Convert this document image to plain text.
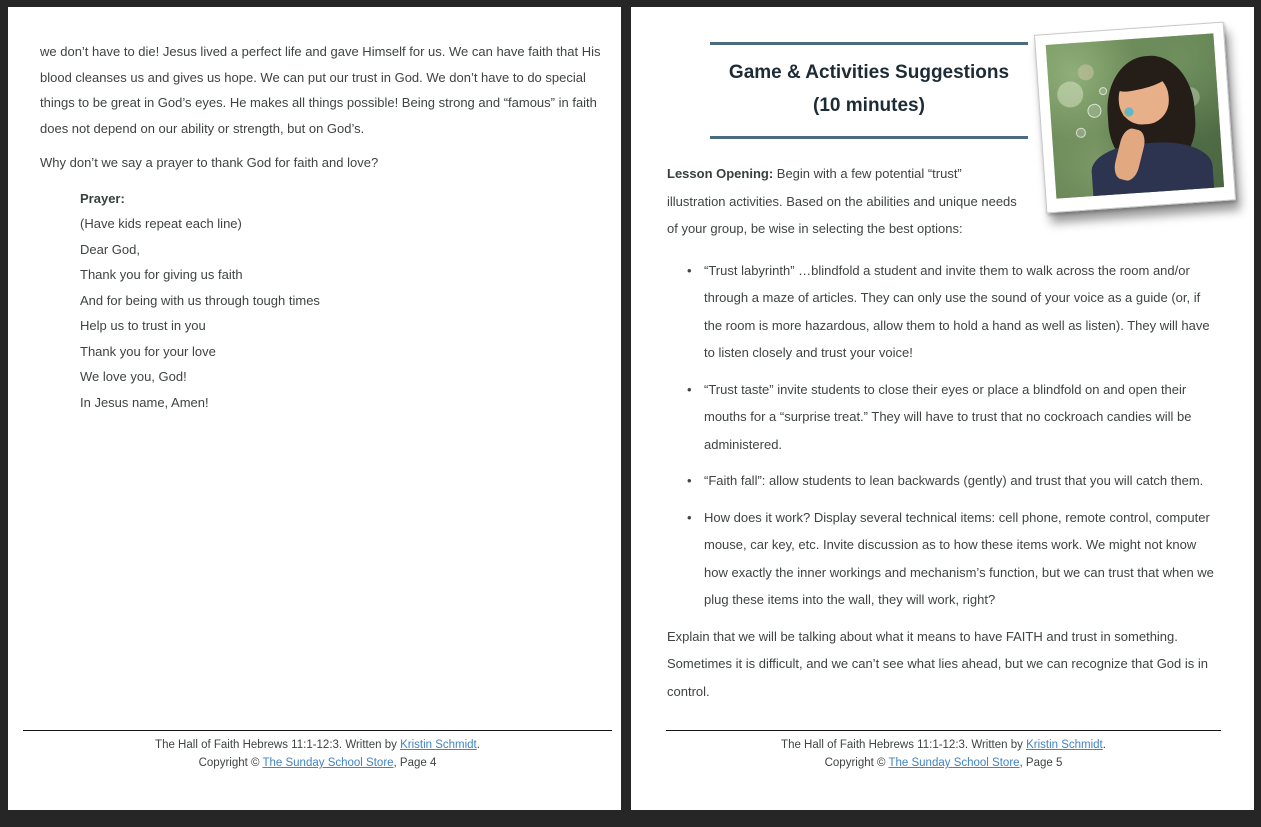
we don’t have to die! Jesus lived a perfect life and gave Himself for us. We can have faith that His blood cleanses us and gives us hope. We can put our trust in God. We don’t have to do special things to be great in God’s eyes. He makes all things possible! Being strong and “famous” in faith does not depend on our ability or strength, but on God’s.

Why don’t we say a prayer to thank God for faith and love?

Prayer:
(Have kids repeat each line)
Dear God,
Thank you for giving us faith
And for being with us through tough times
Help us to trust in you
Thank you for your love
We love you, God!
In Jesus name, Amen!
The Hall of Faith Hebrews 11:1-12:3. Written by Kristin Schmidt.
Copyright © The Sunday School Store, Page 4
Game & Activities Suggestions
(10 minutes)

Lesson Opening: Begin with a few potential “trust” illustration activities. Based on the abilities and unique needs of your group, be wise in selecting the best options:

• “Trust labyrinth” …blindfold a student and invite them to walk across the room and/or through a maze of articles. They can only use the sound of your voice as a guide (or, if the room is more hazardous, allow them to hold a hand as well as listen). They will have to listen closely and trust your voice!
• “Trust taste” invite students to close their eyes or place a blindfold on and open their mouths for a “surprise treat.” They will have to trust that no cockroach candies will be administered.
• “Faith fall”: allow students to lean backwards (gently) and trust that you will catch them.
• How does it work? Display several technical items: cell phone, remote control, computer mouse, car key, etc. Invite discussion as to how these items work. We might not know how exactly the inner workings and mechanism’s function, but we can trust that when we plug these items into the wall, they will work, right?

Explain that we will be talking about what it means to have FAITH and trust in something. Sometimes it is difficult, and we can’t see what lies ahead, but we can recognize that God is in control.

The Hall of Faith Hebrews 11:1-12:3. Written by Kristin Schmidt.
Copyright © The Sunday School Store, Page 5
